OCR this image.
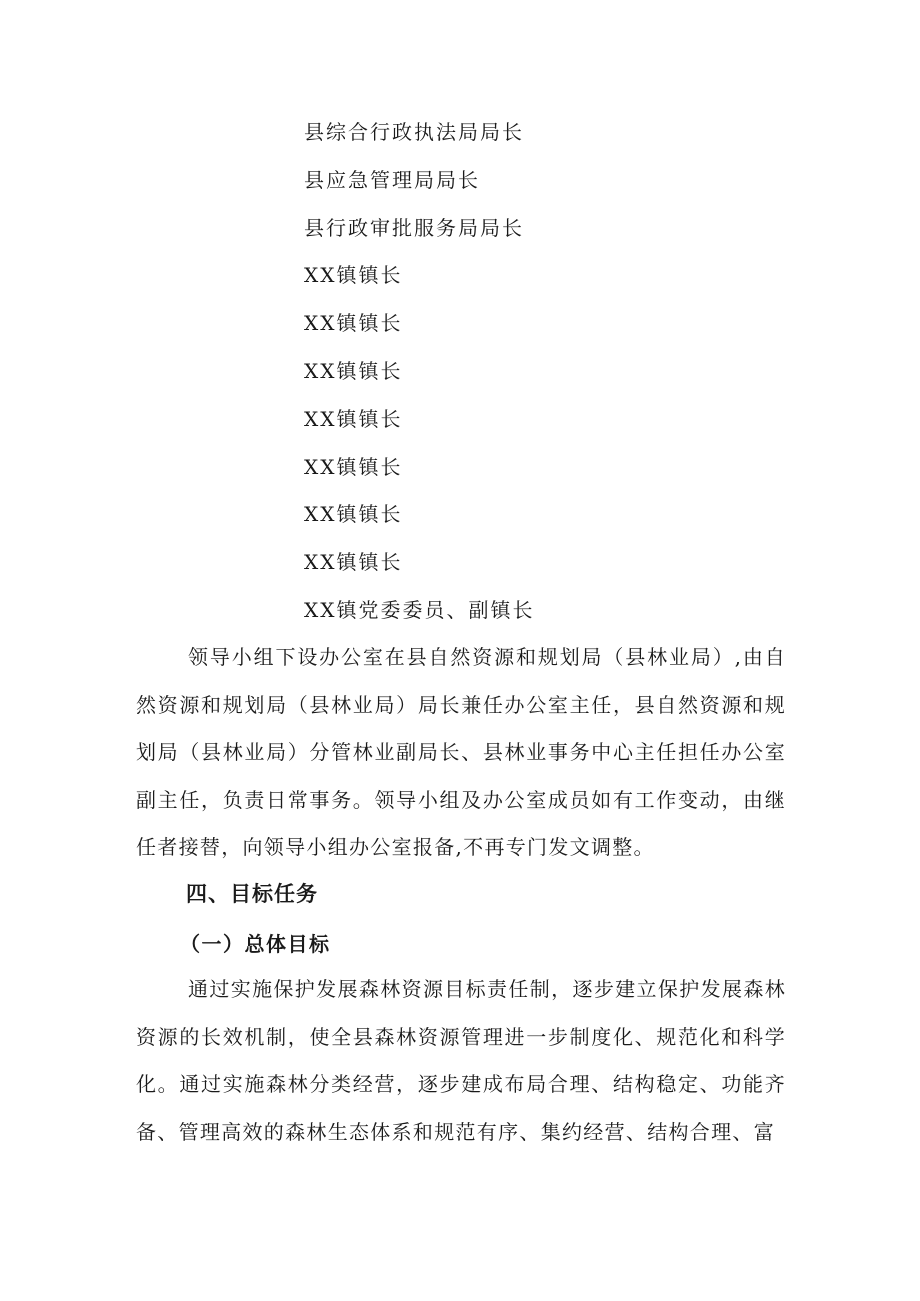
县综合行政执法局局长
县应急管理局局长
县行政审批服务局局长
XX镇镇长
XX镇镇长
XX镇镇长
XX镇镇长
XX镇镇长
XX镇镇长
XX镇镇长
XX镇党委委员、副镇长

领导小组下设办公室在县自然资源和规划局（县林业局）,由自然资源和规划局（县林业局）局长兼任办公室主任，县自然资源和规划局（县林业局）分管林业副局长、县林业事务中心主任担任办公室副主任，负责日常事务。领导小组及办公室成员如有工作变动，由继任者接替，向领导小组办公室报备,不再专门发文调整。

四、目标任务
（一）总体目标

通过实施保护发展森林资源目标责任制，逐步建立保护发展森林资源的长效机制，使全县森林资源管理进一步制度化、规范化和科学化。通过实施森林分类经营，逐步建成布局合理、结构稳定、功能齐备、管理高效的森林生态体系和规范有序、集约经营、结构合理、富
